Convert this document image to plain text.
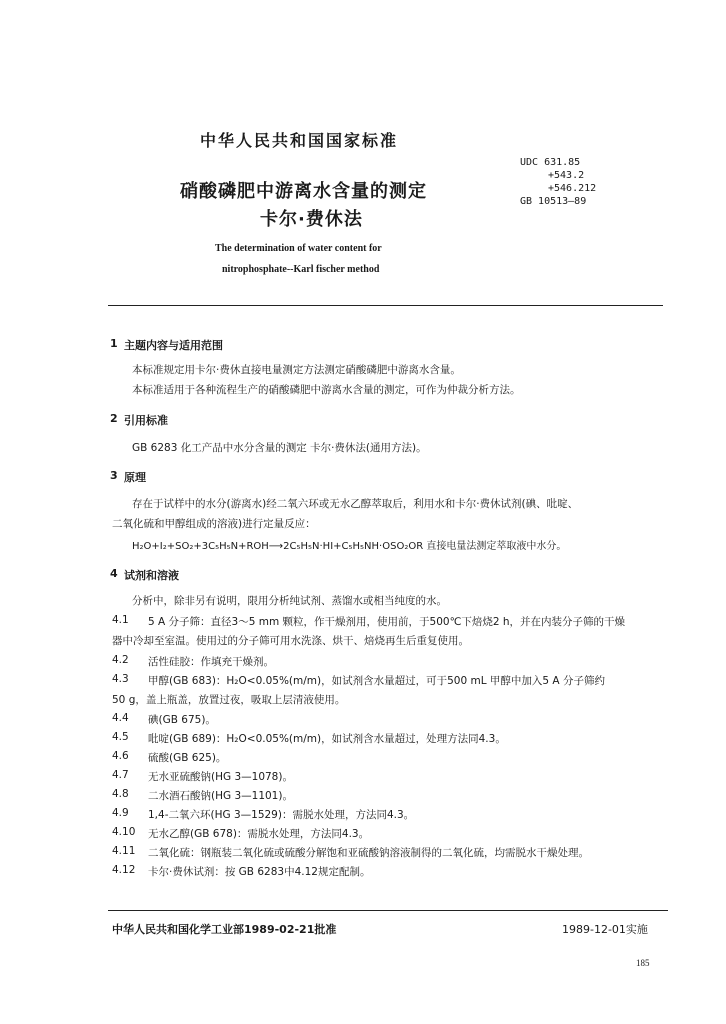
中华人民共和国国家标准
硝酸磷肥中游离水含量的测定
卡尔·费休法
The determination of water content for
nitrophosphate--Karl fischer method
UDC 631.85
+543.2
+546.212
GB 10513—89
1 主题内容与适用范围
本标准规定用卡尔·费休直接电量测定方法测定硝酸磷肥中游离水含量。
本标准适用于各种流程生产的硝酸磷肥中游离水含量的测定，可作为仲裁分析方法。
2 引用标准
GB 6283 化工产品中水分含量的测定 卡尔·费休法(通用方法)。
3 原理
存在于试样中的水分(游离水)经二氧六环或无水乙醇萃取后，利用水和卡尔·费休试剂(碘、吡啶、
二氧化硫和甲醇组成的溶液)进行定量反应：
H₂O+I₂+SO₂+3C₅H₅N+ROH⟶2C₅H₅N·HI+C₅H₅NH·OSO₂OR 直接电量法测定萃取液中水分。
4 试剂和溶液
分析中，除非另有说明，限用分析纯试剂、蒸馏水或相当纯度的水。
4.1 5 A 分子筛：直径3～5 mm 颗粒，作干燥剂用，使用前，于500℃下焙烧2 h，并在内装分子筛的干燥
器中冷却至室温。使用过的分子筛可用水洗涤、烘干、焙烧再生后重复使用。
4.2 活性硅胶：作填充干燥剂。
4.3 甲醇(GB 683)：H₂O<0.05%(m/m)，如试剂含水量超过，可于500 mL 甲醇中加入5 A 分子筛约
50 g，盖上瓶盖，放置过夜，吸取上层清液使用。
4.4 碘(GB 675)。
4.5 吡啶(GB 689)：H₂O<0.05%(m/m)，如试剂含水量超过，处理方法同4.3。
4.6 硫酸(GB 625)。
4.7 无水亚硫酸钠(HG 3—1078)。
4.8 二水酒石酸钠(HG 3—1101)。
4.9 1,4-二氧六环(HG 3—1529)：需脱水处理，方法同4.3。
4.10 无水乙醇(GB 678)：需脱水处理，方法同4.3。
4.11 二氧化硫：钢瓶装二氧化硫或硫酸分解饱和亚硫酸钠溶液制得的二氧化硫，均需脱水干燥处理。
4.12 卡尔·费休试剂：按 GB 6283中4.12规定配制。
中华人民共和国化学工业部1989-02-21批准	1989-12-01实施
185
